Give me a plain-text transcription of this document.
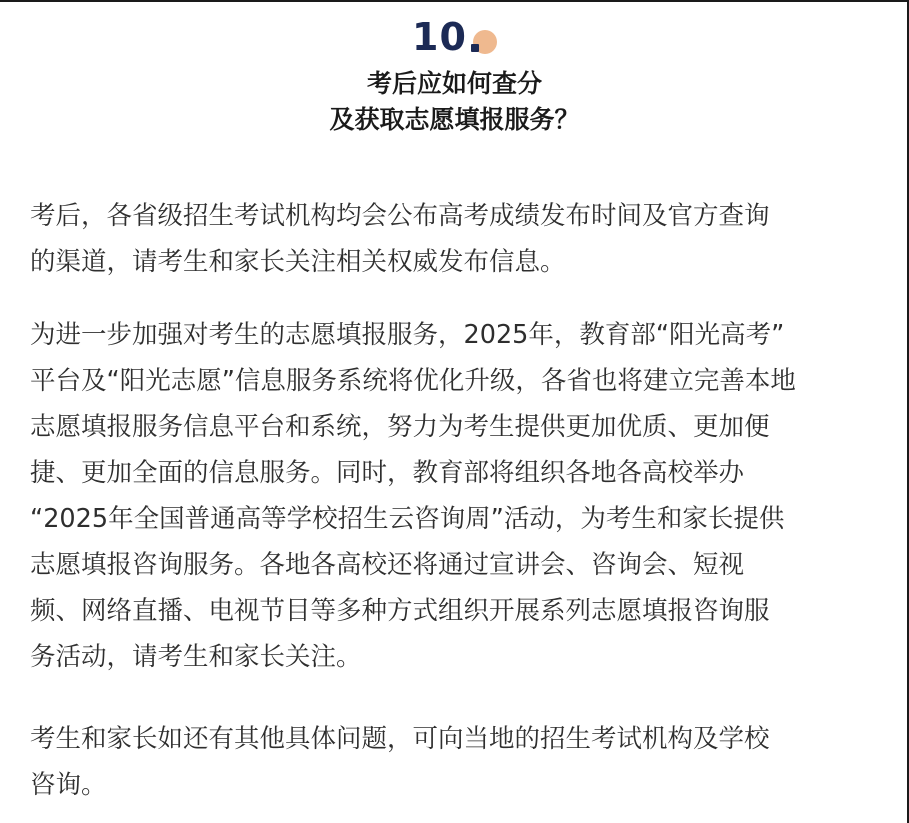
10
考后应如何查分
及获取志愿填报服务？

考后，各省级招生考试机构均会公布高考成绩发布时间及官方查询
的渠道，请考生和家长关注相关权威发布信息。

为进一步加强对考生的志愿填报服务，2025年，教育部“阳光高考”
平台及“阳光志愿”信息服务系统将优化升级，各省也将建立完善本地
志愿填报服务信息平台和系统，努力为考生提供更加优质、更加便
捷、更加全面的信息服务。同时，教育部将组织各地各高校举办
“2025年全国普通高等学校招生云咨询周”活动，为考生和家长提供
志愿填报咨询服务。各地各高校还将通过宣讲会、咨询会、短视
频、网络直播、电视节目等多种方式组织开展系列志愿填报咨询服
务活动，请考生和家长关注。

考生和家长如还有其他具体问题，可向当地的招生考试机构及学校
咨询。
